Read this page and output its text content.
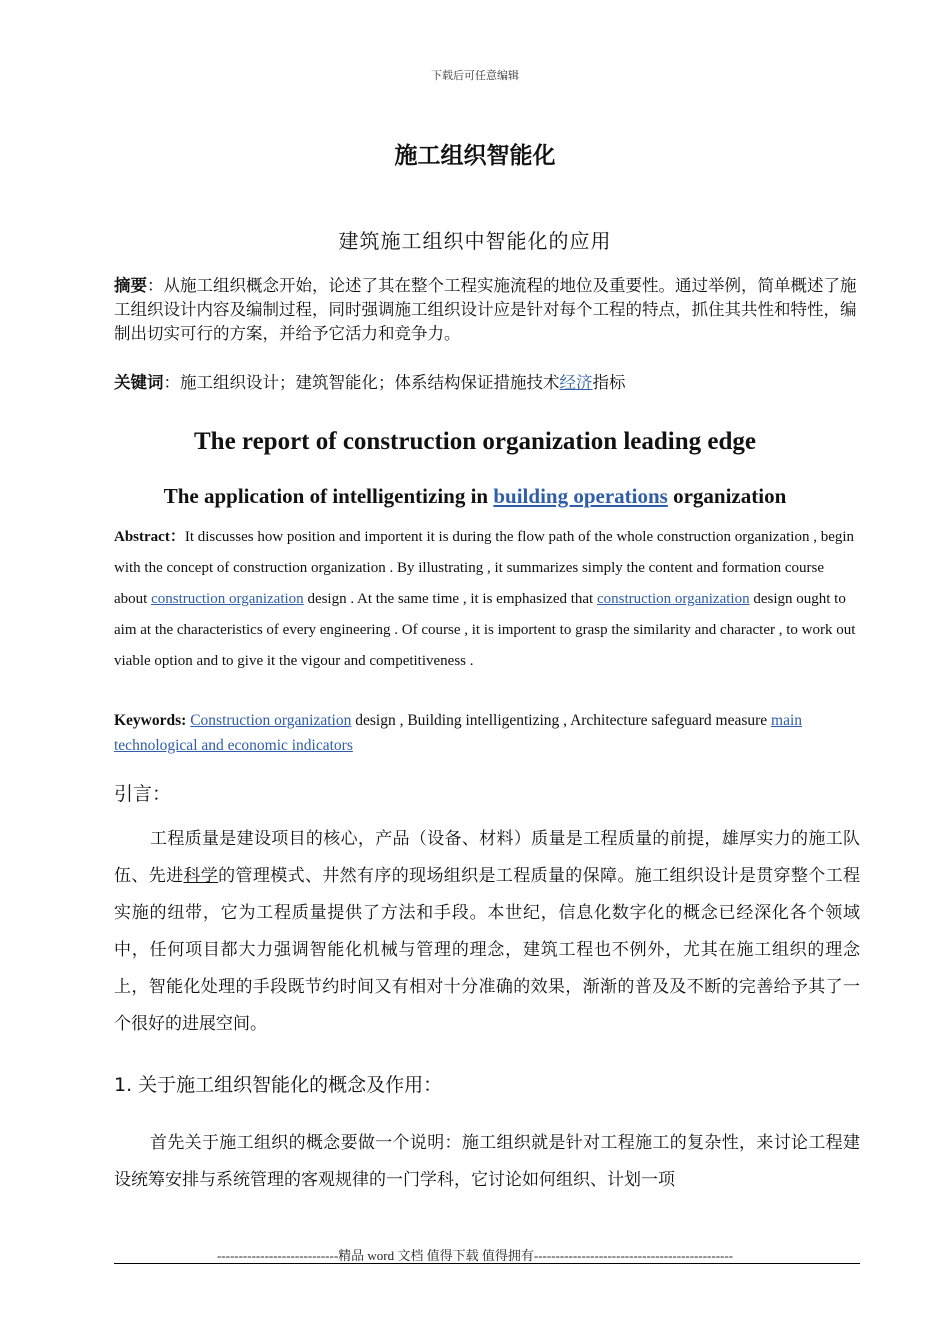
下载后可任意编辑
施工组织智能化
建筑施工组织中智能化的应用
摘要：从施工组织概念开始，论述了其在整个工程实施流程的地位及重要性。通过举例，简单概述了施工组织设计内容及编制过程，同时强调施工组织设计应是针对每个工程的特点，抓住其共性和特性，编制出切实可行的方案，并给予它活力和竞争力。
关键词：施工组织设计；建筑智能化；体系结构保证措施技术经济指标
The report of construction organization leading edge
The application of intelligentizing in building operations organization
Abstract：It discusses how position and importent it is during the flow path of the whole construction organization , begin with the concept of construction organization . By illustrating , it summarizes simply the content and formation course about construction organization design . At the same time , it is emphasized that construction organization design ought to aim at the characteristics of every engineering . Of course , it is importent to grasp the similarity and character , to work out viable option and to give it the vigour and competitiveness .
Keywords: Construction organization design , Building intelligentizing , Architecture safeguard measure main technological and economic indicators
引言：
工程质量是建设项目的核心，产品（设备、材料）质量是工程质量的前提，雄厚实力的施工队伍、先进科学的管理模式、井然有序的现场组织是工程质量的保障。施工组织设计是贯穿整个工程实施的纽带，它为工程质量提供了方法和手段。本世纪，信息化数字化的概念已经深化各个领域中，任何项目都大力强调智能化机械与管理的理念，建筑工程也不例外，尤其在施工组织的理念上，智能化处理的手段既节约时间又有相对十分准确的效果，渐渐的普及及不断的完善给予其了一个很好的进展空间。
1. 关于施工组织智能化的概念及作用：
首先关于施工组织的概念要做一个说明：施工组织就是针对工程施工的复杂性，来讨论工程建设统筹安排与系统管理的客观规律的一门学科，它讨论如何组织、计划一项
----------------------------精品 word 文档 值得下载 值得拥有----------------------------------------------
